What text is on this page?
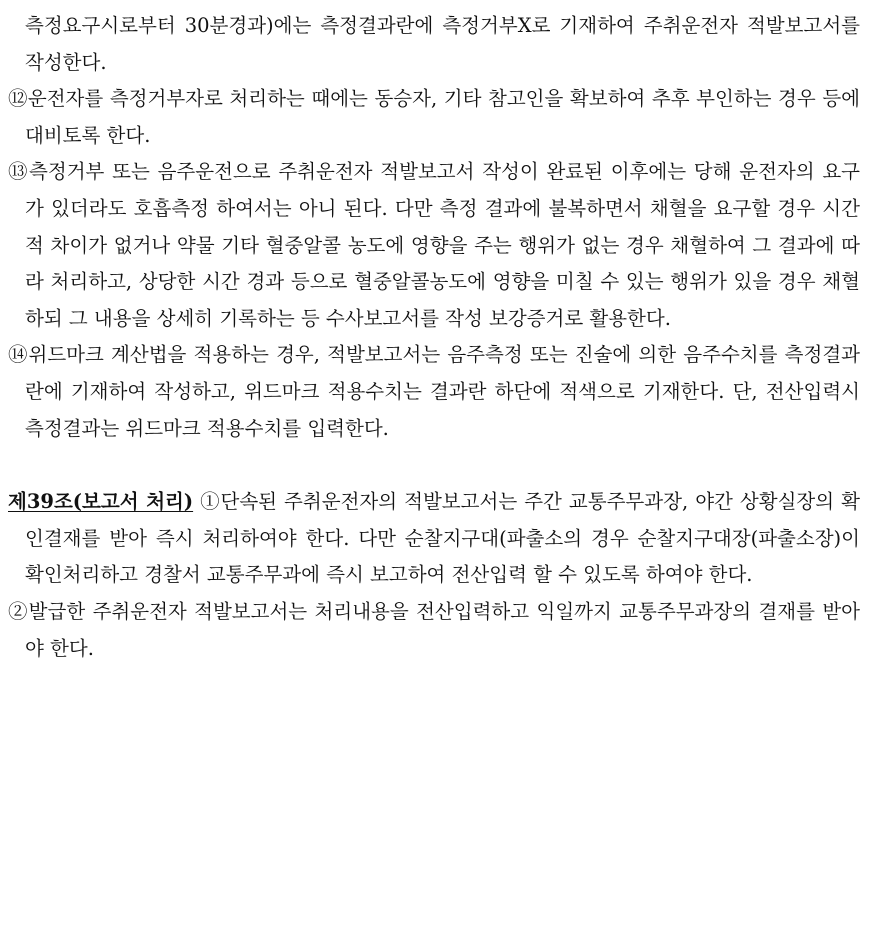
측정요구시로부터 30분경과)에는 측정결과란에 측정거부X로 기재하여 주취운전자 적발보고서를 작성한다.

⑫운전자를 측정거부자로 처리하는 때에는 동승자, 기타 참고인을 확보하여 추후 부인하는 경우 등에 대비토록 한다.

⑬측정거부 또는 음주운전으로 주취운전자 적발보고서 작성이 완료된 이후에는 당해 운전자의 요구가 있더라도 호흡측정 하여서는 아니 된다. 다만 측정 결과에 불복하면서 채혈을 요구할 경우 시간적 차이가 없거나 약물 기타 혈중알콜 농도에 영향을 주는 행위가 없는 경우 채혈하여 그 결과에 따라 처리하고, 상당한 시간 경과 등으로 혈중알콜농도에 영향을 미칠 수 있는 행위가 있을 경우 채혈하되 그 내용을 상세히 기록하는 등 수사보고서를 작성 보강증거로 활용한다.

⑭위드마크 계산법을 적용하는 경우, 적발보고서는 음주측정 또는 진술에 의한 음주수치를 측정결과란에 기재하여 작성하고, 위드마크 적용수치는 결과란 하단에 적색으로 기재한다. 단, 전산입력시 측정결과는 위드마크 적용수치를 입력한다.

제39조(보고서 처리) ①단속된 주취운전자의 적발보고서는 주간 교통주무과장, 야간 상황실장의 확인결재를 받아 즉시 처리하여야 한다. 다만 순찰지구대(파출소의 경우 순찰지구대장(파출소장)이 확인처리하고 경찰서 교통주무과에 즉시 보고하여 전산입력 할 수 있도록 하여야 한다.

②발급한 주취운전자 적발보고서는 처리내용을 전산입력하고 익일까지 교통주무과장의 결재를 받아야 한다.
